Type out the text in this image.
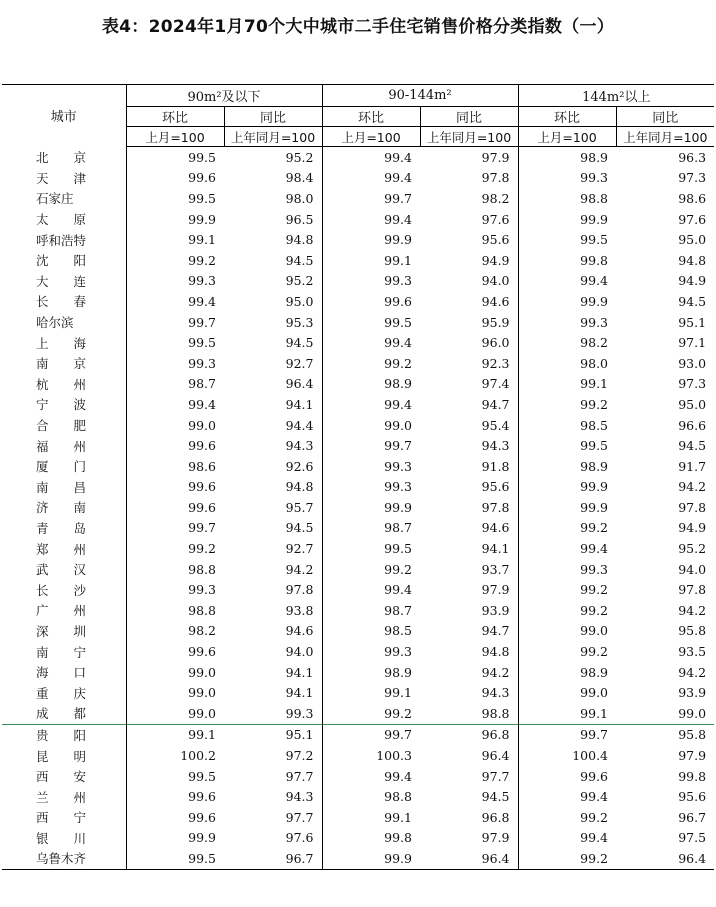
表4：2024年1月70个大中城市二手住宅销售价格分类指数（一）
城市	90m²及以下		90-144m²		144m²以上	
	环比	同比	环比	同比	环比	同比
	上月=100	上年同月=100	上月=100	上年同月=100	上月=100	上年同月=100
北　　京	99.5	95.2	99.4	97.9	98.9	96.3
天　　津	99.6	98.4	99.4	97.8	99.3	97.3
石家庄	99.5	98.0	99.7	98.2	98.8	98.6
太　　原	99.9	96.5	99.4	97.6	99.9	97.6
呼和浩特	99.1	94.8	99.9	95.6	99.5	95.0
沈　　阳	99.2	94.5	99.1	94.9	99.8	94.8
大　　连	99.3	95.2	99.3	94.0	99.4	94.9
长　　春	99.4	95.0	99.6	94.6	99.9	94.5
哈尔滨	99.7	95.3	99.5	95.9	99.3	95.1
上　　海	99.5	94.5	99.4	96.0	98.2	97.1
南　　京	99.3	92.7	99.2	92.3	98.0	93.0
杭　　州	98.7	96.4	98.9	97.4	99.1	97.3
宁　　波	99.4	94.1	99.4	94.7	99.2	95.0
合　　肥	99.0	94.4	99.0	95.4	98.5	96.6
福　　州	99.6	94.3	99.7	94.3	99.5	94.5
厦　　门	98.6	92.6	99.3	91.8	98.9	91.7
南　　昌	99.6	94.8	99.3	95.6	99.9	94.2
济　　南	99.6	95.7	99.9	97.8	99.9	97.8
青　　岛	99.7	94.5	98.7	94.6	99.2	94.9
郑　　州	99.2	92.7	99.5	94.1	99.4	95.2
武　　汉	98.8	94.2	99.2	93.7	99.3	94.0
长　　沙	99.3	97.8	99.4	97.9	99.2	97.8
广　　州	98.8	93.8	98.7	93.9	99.2	94.2
深　　圳	98.2	94.6	98.5	94.7	99.0	95.8
南　　宁	99.6	94.0	99.3	94.8	99.2	93.5
海　　口	99.0	94.1	98.9	94.2	98.9	94.2
重　　庆	99.0	94.1	99.1	94.3	99.0	93.9
成　　都	99.0	99.3	99.2	98.8	99.1	99.0
贵　　阳	99.1	95.1	99.7	96.8	99.7	95.8
昆　　明	100.2	97.2	100.3	96.4	100.4	97.9
西　　安	99.5	97.7	99.4	97.7	99.6	99.8
兰　　州	99.6	94.3	98.8	94.5	99.4	95.6
西　　宁	99.6	97.7	99.1	96.8	99.2	96.7
银　　川	99.9	97.6	99.8	97.9	99.4	97.5
乌鲁木齐	99.5	96.7	99.9	96.4	99.2	96.4
